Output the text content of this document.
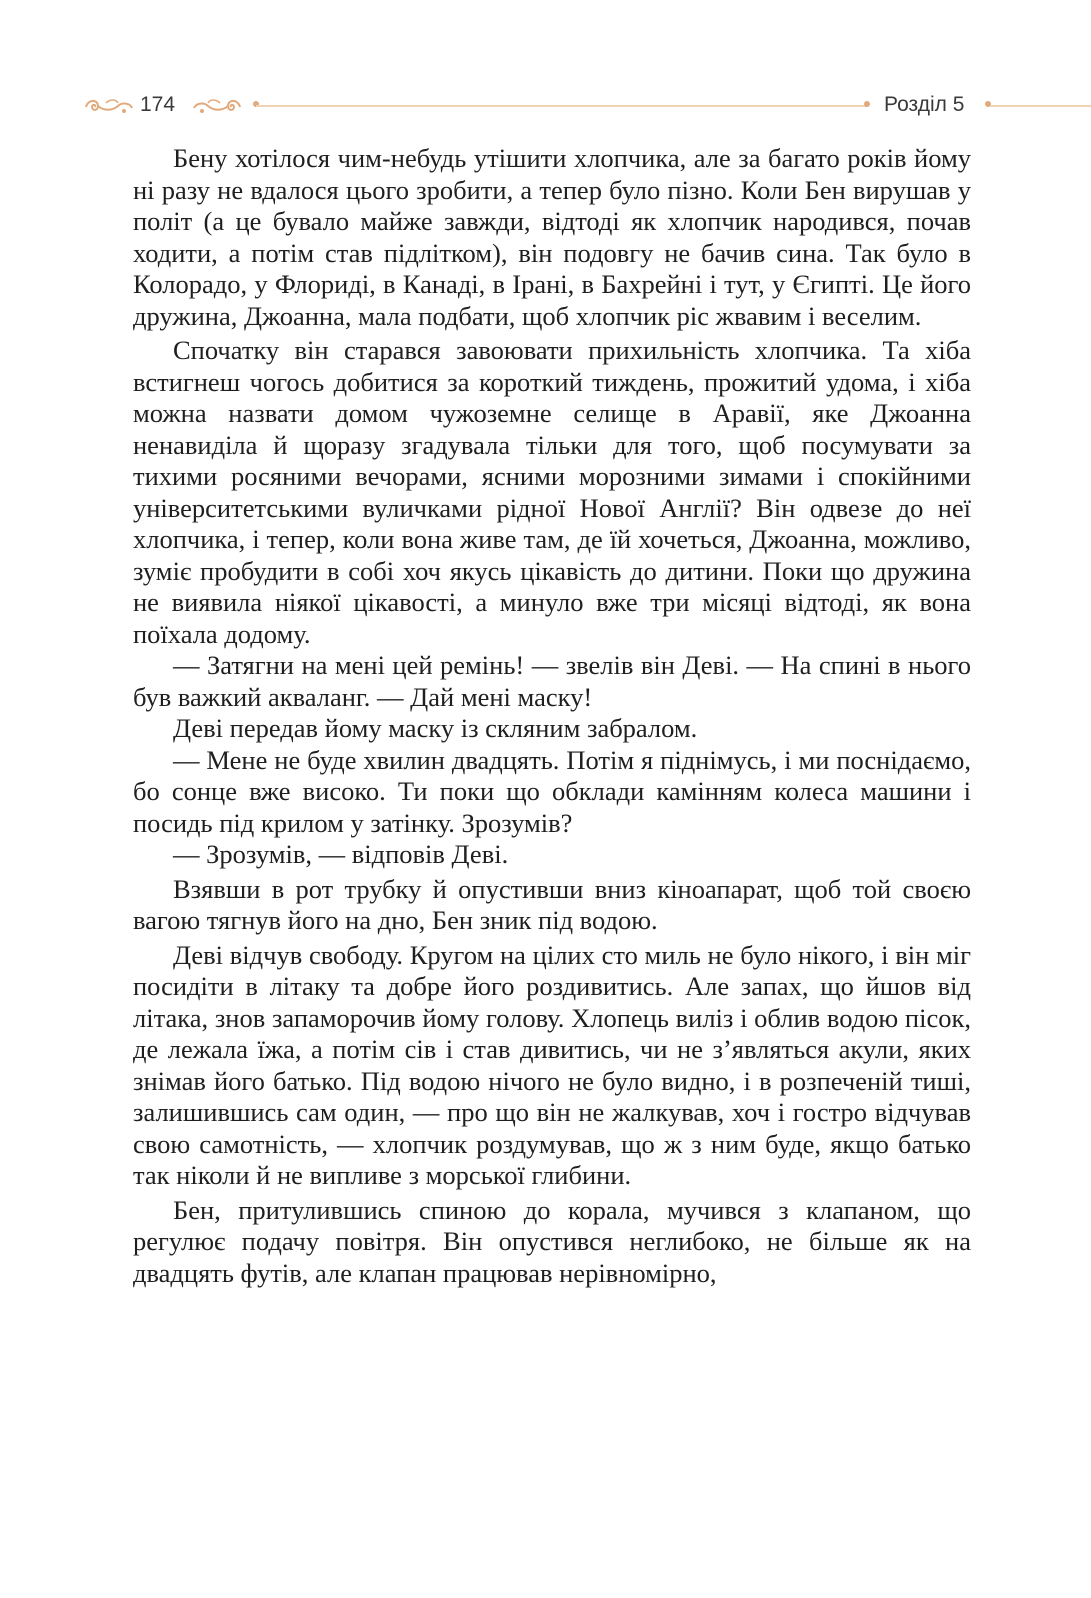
174	Розділ 5

Бену хотілося чим-небудь утішити хлопчика, але за багато років йому ні разу не вдалося цього зробити, а тепер було пізно. Коли Бен вирушав у політ (а це бувало майже завжди, відтоді як хлопчик народився, почав ходити, а потім став підлітком), він подовгу не бачив сина. Так було в Колорадо, у Флориді, в Канаді, в Ірані, в Бахрейні і тут, у Єгипті. Це його дружина, Джоанна, мала подбати, щоб хлопчик ріс жвавим і веселим.

Спочатку він старався завоювати прихильність хлопчика. Та хіба встигнеш чогось добитися за короткий тиждень, прожитий удома, і хіба можна назвати домом чужоземне селище в Аравії, яке Джоанна ненавиділа й щоразу згадувала тільки для того, щоб посумувати за тихими росяними вечорами, ясними морозними зимами і спокійними університетськими вуличками рідної Нової Англії? Він одвезе до неї хлопчика, і тепер, коли вона живе там, де їй хочеться, Джоанна, можливо, зуміє пробудити в собі хоч якусь цікавість до дитини. Поки що дружина не виявила ніякої цікавості, а минуло вже три місяці відтоді, як вона поїхала додому.

— Затягни на мені цей ремінь! — звелів він Деві. — На спині в нього був важкий акваланг. — Дай мені маску!

Деві передав йому маску із скляним забралом.

— Мене не буде хвилин двадцять. Потім я піднімусь, і ми поснідаємо, бо сонце вже високо. Ти поки що обклади камінням колеса машини і посидь під крилом у затінку. Зрозумів?

— Зрозумів, — відповів Деві.

Взявши в рот трубку й опустивши вниз кіноапарат, щоб той своєю вагою тягнув його на дно, Бен зник під водою.

Деві відчув свободу. Кругом на цілих сто миль не було нікого, і він міг посидіти в літаку та добре його роздивитись. Але запах, що йшов від літака, знов запаморочив йому голову. Хлопець виліз і облив водою пісок, де лежала їжа, а потім сів і став дивитись, чи не з’являться акули, яких знімав його батько. Під водою нічого не було видно, і в розпеченій тиші, залишившись сам один, — про що він не жалкував, хоч і гостро відчував свою самотність, — хлопчик роздумував, що ж з ним буде, якщо батько так ніколи й не випливе з морської глибини.

Бен, притулившись спиною до корала, мучився з клапаном, що регулює подачу повітря. Він опустився неглибоко, не більше як на двадцять футів, але клапан працював нерівномірно,
